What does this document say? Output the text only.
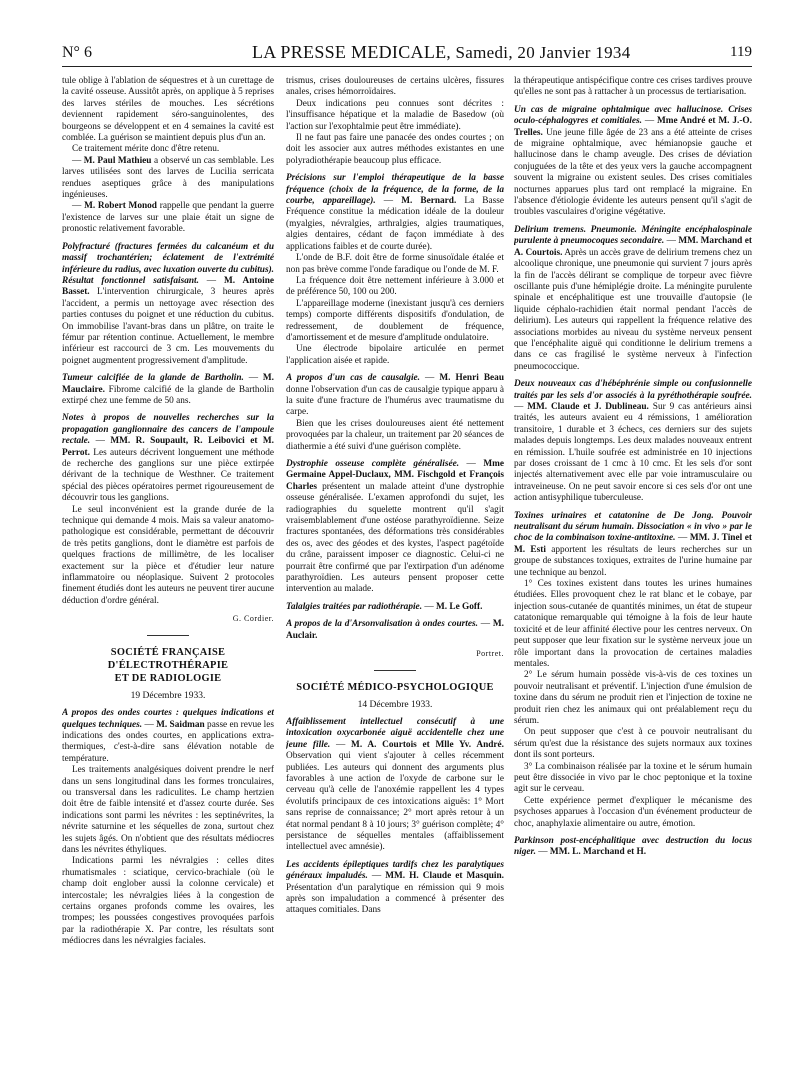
N° 6	LA PRESSE MEDICALE, Samedi, 20 Janvier 1934	119

tule oblige à l'ablation de séquestres et à un curettage de la cavité osseuse. Aussitôt après, on applique à 5 reprises des larves stériles de mouches. Les sécrétions deviennent rapidement séro-sanguinolentes, des bourgeons se développent et en 4 semaines la cavité est comblée. La guérison se maintient depuis plus d'un an.

Ce traitement mérite donc d'être retenu.

— M. Paul Mathieu a observé un cas semblable. Les larves utilisées sont des larves de Lucilia serricata rendues aseptiques grâce à des manipulations ingénieuses.

— M. Robert Monod rappelle que pendant la guerre l'existence de larves sur une plaie était un signe de pronostic relativement favorable.

Polyfracturé (fractures fermées du calcanéum et du massif trochantérien; éclatement de l'extrémité inférieure du radius, avec luxation ouverte du cubitus). Résultat fonctionnel satisfaisant. — M. Antoine Basset. L'intervention chirurgicale, 3 heures après l'accident, a permis un nettoyage avec résection des parties contuses du poignet et une réduction du cubitus. On immobilise l'avant-bras dans un plâtre, on traite le fémur par rétention continue. Actuellement, le membre inférieur est raccourci de 3 cm. Les mouvements du poignet augmentent progressivement d'amplitude.

Tumeur calcifiée de la glande de Bartholin. — M. Mauclaire. Fibrome calcifié de la glande de Bartholin extirpé chez une femme de 50 ans.

Notes à propos de nouvelles recherches sur la propagation ganglionnaire des cancers de l'ampoule rectale. — MM. R. Soupault, R. Leibovici et M. Perrot. Les auteurs décrivent longuement une méthode de recherche des ganglions sur une pièce extirpée dérivant de la technique de Westhner. Ce traitement spécial des pièces opératoires permet rigoureusement de découvrir tous les ganglions.

Le seul inconvénient est la grande durée de la technique qui demande 4 mois. Mais sa valeur anatomo-pathologique est considérable, permettant de découvrir de très petits ganglions, dont le diamètre est parfois de quelques fractions de millimètre, de les localiser exactement sur la pièce et d'étudier leur nature inflammatoire ou néoplasique. Suivent 2 protocoles finement étudiés dont les auteurs ne peuvent tirer aucune déduction d'ordre général.

G. Cordier.
SOCIÉTÉ FRANÇAISE D'ÉLECTROTHÉRAPIE
ET DE RADIOLOGIE
19 Décembre 1933.

A propos des ondes courtes : quelques indications et quelques techniques. — M. Saidman passe en revue les indications des ondes courtes, en applications extra-thermiques, c'est-à-dire sans élévation notable de température.

Les traitements analgésiques doivent prendre le nerf dans un sens longitudinal dans les formes tronculaires, ou transversal dans les radiculites. Le champ hertzien doit être de faible intensité et d'assez courte durée. Ses indications sont parmi les névrites : les septinévrites, la névrite saturnine et les séquelles de zona, surtout chez les sujets âgés. On n'obtient que des résultats médiocres dans les névrites éthyliques.

Indications parmi les névralgies : celles dites rhumatismales : sciatique, cervico-brachiale (où le champ doit englober aussi la colonne cervicale) et intercostale; les névralgies liées à la congestion de certains organes profonds comme les ovaires, les trompes; les poussées congestives provoquées parfois par la radiothérapie X. Par contre, les résultats sont médiocres dans les névralgies faciales.

trismus, crises douloureuses de certains ulcères, fissures anales, crises hémorroïdaires.

Deux indications peu connues sont décrites : l'insuffisance hépatique et la maladie de Basedow (où l'action sur l'exophtalmie peut être immédiate).

Il ne faut pas faire une panacée des ondes courtes ; on doit les associer aux autres méthodes existantes en une polyradiothérapie beaucoup plus efficace.

Précisions sur l'emploi thérapeutique de la basse fréquence (choix de la fréquence, de la forme, de la courbe, appareillage). — M. Bernard. La Basse Fréquence constitue la médication idéale de la douleur (myalgies, névralgies, arthralgies, algies traumatiques, algies dentaires, cédant de façon immédiate à des applications faibles et de courte durée).

L'onde de B.F. doit être de forme sinusoïdale étalée et non pas brève comme l'onde faradique ou l'onde de M. F.

La fréquence doit être nettement inférieure à 3.000 et de préférence 50, 100 ou 200.

L'appareillage moderne (inexistant jusqu'à ces derniers temps) comporte différents dispositifs d'ondulation, de redressement, de doublement de fréquence, d'amortissement et de mesure d'amplitude ondulatoire.

Une électrode bipolaire articulée en permet l'application aisée et rapide.

A propos d'un cas de causalgie. — M. Henri Beau donne l'observation d'un cas de causalgie typique apparu à la suite d'une fracture de l'humérus avec traumatisme du carpe.

Bien que les crises douloureuses aient été nettement provoquées par la chaleur, un traitement par 20 séances de diathermie a été suivi d'une guérison complète.

Dystrophie osseuse complète généralisée. — Mme Germaine Appel-Duclaux, MM. Fischgold et François Charles présentent un malade atteint d'une dystrophie osseuse généralisée. L'examen approfondi du sujet, les radiographies du squelette montrent qu'il s'agit vraisemblablement d'une ostéose parathyroïdienne. Seize fractures spontanées, des déformations très considérables des os, avec des géodes et des kystes, l'aspect pagétoïde du crâne, paraissent imposer ce diagnostic. Celui-ci ne pourrait être confirmé que par l'extirpation d'un adénome parathyroïdien. Les auteurs pensent proposer cette intervention au malade.

Talalgies traitées par radiothérapie. — M. Le Goff.

A propos de la d'Arsonvalisation à ondes courtes. — M. Auclair.

Portret.
SOCIÉTÉ MÉDICO-PSYCHOLOGIQUE
14 Décembre 1933.

Affaiblissement intellectuel consécutif à une intoxication oxycarbonée aiguë accidentelle chez une jeune fille. — M. A. Courtois et Mlle Yv. André. Observation qui vient s'ajouter à celles récemment publiées. Les auteurs qui donnent des arguments plus favorables à une action de l'oxyde de carbone sur le cerveau qu'à celle de l'anoxémie rappellent les 4 types évolutifs principaux de ces intoxications aiguës: 1° Mort sans reprise de connaissance; 2° mort après retour à un état normal pendant 8 à 10 jours; 3° guérison complète; 4° persistance de séquelles mentales (affaiblissement intellectuel avec amnésie).

Les accidents épileptiques tardifs chez les paralytiques généraux impaludés. — MM. H. Claude et Masquin. Présentation d'un paralytique en rémission qui 9 mois après son impaludation a commencé à présenter des attaques comitiales. Dans

la thérapeutique antispécifique contre ces crises tardives prouve qu'elles ne sont pas à rattacher à un processus de tertiarisation.

Un cas de migraine ophtalmique avec hallucinose. Crises oculo-céphalogyres et comitiales. — Mme André et M. J.-O. Trelles. Une jeune fille âgée de 23 ans a été atteinte de crises de migraine ophtalmique, avec hémianopsie gauche et hallucinose dans le champ aveugle. Des crises de déviation conjuguées de la tête et des yeux vers la gauche accompagnent souvent la migraine ou existent seules. Des crises comitiales nocturnes apparues plus tard ont remplacé la migraine. En l'absence d'étiologie évidente les auteurs pensent qu'il s'agit de troubles vasculaires d'origine végétative.

Delirium tremens. Pneumonie. Méningite encéphalospinale purulente à pneumocoques secondaire. — MM. Marchand et A. Courtois. Après un accès grave de delirium tremens chez un alcoolique chronique, une pneumonie qui survient 7 jours après la fin de l'accès délirant se complique de torpeur avec fièvre oscillante puis d'une hémiplégie droite. La méningite purulente spinale et encéphalitique est une trouvaille d'autopsie (le liquide céphalo-rachidien était normal pendant l'accès de delirium). Les auteurs qui rappellent la fréquence relative des associations morbides au niveau du système nerveux pensent que l'encéphalite aiguë qui conditionne le delirium tremens a dans ce cas fragilisé le système nerveux à l'infection pneumococcique.

Deux nouveaux cas d'hébéphrénie simple ou confusionnelle traités par les sels d'or associés à la pyréthothérapie soufrée. — MM. Claude et J. Dublineau. Sur 9 cas antérieurs ainsi traités, les auteurs avaient eu 4 rémissions, 1 amélioration transitoire, 1 durable et 3 échecs, ces derniers sur des sujets malades depuis longtemps. Les deux malades nouveaux entrent en rémission. L'huile soufrée est administrée en 10 injections par doses croissant de 1 cmc à 10 cmc. Et les sels d'or sont injectés alternativement avec elle par voie intramusculaire ou intraveineuse. On ne peut savoir encore si ces sels d'or ont une action antisyphilique tuberculeuse.

Toxines urinaires et catatonine de De Jong. Pouvoir neutralisant du sérum humain. Dissociation « in vivo » par le choc de la combinaison toxine-antitoxine. — MM. J. Tinel et M. Esti apportent les résultats de leurs recherches sur un groupe de substances toxiques, extraites de l'urine humaine par une technique au benzol.

1° Ces toxines existent dans toutes les urines humaines étudiées. Elles provoquent chez le rat blanc et le cobaye, par injection sous-cutanée de quantités minimes, un état de stupeur catatonique remarquable qui témoigne à la fois de leur haute toxicité et de leur affinité élective pour les centres nerveux. On peut supposer que leur fixation sur le système nerveux joue un rôle important dans la provocation de certaines maladies mentales.

2° Le sérum humain possède vis-à-vis de ces toxines un pouvoir neutralisant et préventif. L'injection d'une émulsion de toxine dans du sérum ne produit rien et l'injection de toxine ne produit rien chez les animaux qui ont préalablement reçu du sérum.

On peut supposer que c'est à ce pouvoir neutralisant du sérum qu'est due la résistance des sujets normaux aux toxines dont ils sont porteurs.

3° La combinaison réalisée par la toxine et le sérum humain peut être dissociée in vivo par le choc peptonique et la toxine agit sur le cerveau.

Cette expérience permet d'expliquer le mécanisme des psychoses apparues à l'occasion d'un événement producteur de choc, anaphylaxie alimentaire ou autre, émotion.

Parkinson post-encéphalitique avec destruction du locus niger. — MM. L. Marchand et H.
